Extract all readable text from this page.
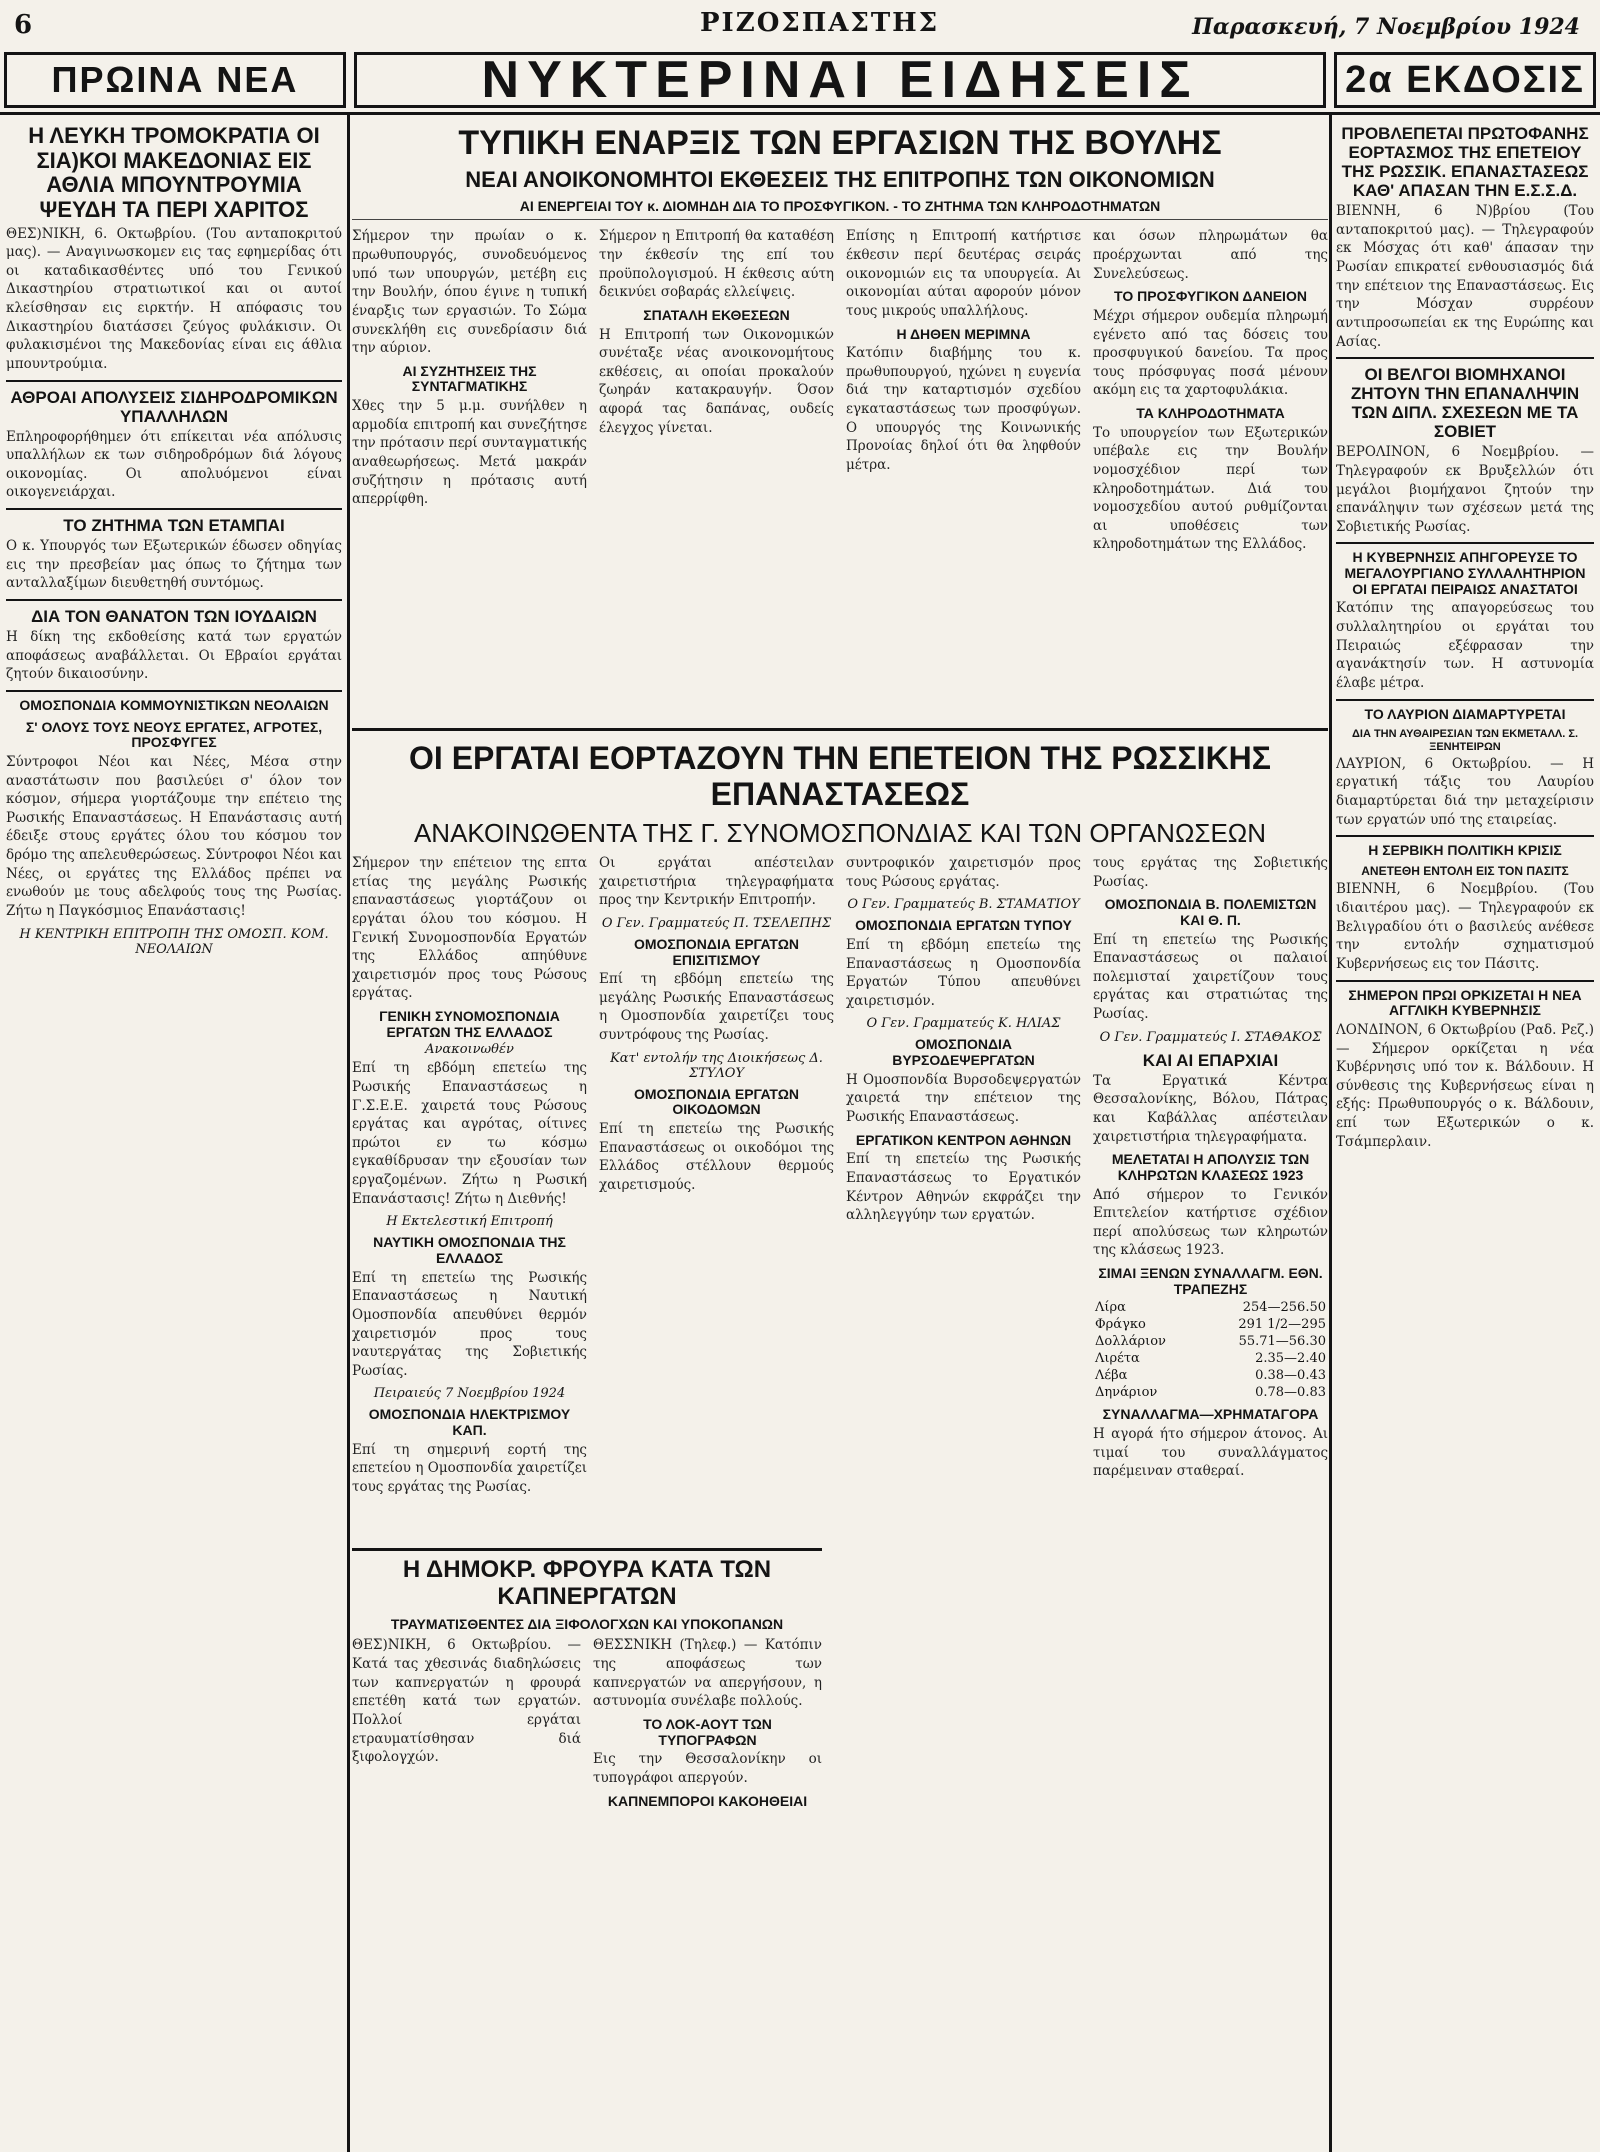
6	ΡΙΖΟΣΠΑΣΤΗΣ	Παρασκευή, 7 Νοεμβρίου 1924
ΠΡΩΙΝΑ ΝΕΑ	ΝΥΚΤΕΡΙΝΑΙ ΕΙΔΗΣΕΙΣ	2α ΕΚΔΟΣΙΣ
Η ΛΕΥΚΗ ΤΡΟΜΟΚΡΑΤΙΑ ΟΙ ΣΙΑ)ΚΟΙ ΜΑΚΕΔΟΝΙΑΣ ΕΙΣ ΑΘΛΙΑ ΜΠΟΥΝΤΡΟΥΜΙΑ ΨΕΥΔΗ ΤΑ ΠΕΡΙ ΧΑΡΙΤΟΣ
ΘΕΣ)ΝΙΚΗ, 6. Οκτωβρίου. (Του ανταποκριτού μας). — Αναγινωσκομεν εις τας εφημερίδας ότι οι καταδικασθέντες υπό του Γενικού Δικαστηρίου στρατιωτικοί και οι αυτοί κλείσθησαν εις ειρκτήν. Η απόφασις του Δικαστηρίου διατάσσει ζεύγος φυλάκισιν. Οι φυλακισμένοι της Μακεδονίας είναι εις άθλια μπουντρούμια.
ΑΘΡΟΑΙ ΑΠΟΛΥΣΕΙΣ ΣΙΔΗΡΟΔΡΟΜΙΚΩΝ ΥΠΑΛΛΗΛΩΝ
Επληροφορήθημεν ότι επίκειται νέα απόλυσις υπαλλήλων εκ των σιδηροδρόμων διά λόγους οικονομίας. Οι απολυόμενοι είναι οικογενειάρχαι.
ΤΟ ΖΗΤΗΜΑ ΤΩΝ ΕΤΑΜΠΑΙ
Ο κ. Υπουργός των Εξωτερικών έδωσεν οδηγίας εις την πρεσβείαν μας όπως το ζήτημα των ανταλλαξίμων διευθετηθή συντόμως.
ΔΙΑ ΤΟΝ ΘΑΝΑΤΟΝ ΤΩΝ ΙΟΥΔΑΙΩΝ
Η δίκη της εκδοθείσης κατά των εργατών αποφάσεως αναβάλλεται. Οι Εβραίοι εργάται ζητούν δικαιοσύνην.
ΟΜΟΣΠΟΝΔΙΑ ΚΟΜΜΟΥΝΙΣΤΙΚΩΝ ΝΕΟΛΑΙΩΝ
Σ' ΟΛΟΥΣ ΤΟΥΣ ΝΕΟΥΣ ΕΡΓΑΤΕΣ, ΑΓΡΟΤΕΣ, ΠΡΟΣΦΥΓΕΣ
Σύντροφοι Νέοι και Νέες, Μέσα στην αναστάτωσιν που βασιλεύει σ' όλον τον κόσμον, σήμερα γιορτάζουμε την επέτειο της Ρωσικής Επαναστάσεως. Η Επανάστασις αυτή έδειξε στους εργάτες όλου του κόσμου τον δρόμο της απελευθερώσεως. Σύντροφοι Νέοι και Νέες, οι εργάτες της Ελλάδος πρέπει να ενωθούν με τους αδελφούς τους της Ρωσίας. Ζήτω η Παγκόσμιος Επανάστασις!
Η ΚΕΝΤΡΙΚΗ ΕΠΙΤΡΟΠΗ ΤΗΣ ΟΜΟΣΠ. ΚΟΜ. ΝΕΟΛΑΙΩΝ
ΤΥΠΙΚΗ ΕΝΑΡΞΙΣ ΤΩΝ ΕΡΓΑΣΙΩΝ ΤΗΣ ΒΟΥΛΗΣ
ΝΕΑΙ ΑΝΟΙΚΟΝΟΜΗΤΟΙ ΕΚΘΕΣΕΙΣ ΤΗΣ ΕΠΙΤΡΟΠΗΣ ΤΩΝ ΟΙΚΟΝΟΜΙΩΝ
ΑΙ ΕΝΕΡΓΕΙΑΙ ΤΟΥ κ. ΔΙΟΜΗΔΗ ΔΙΑ ΤΟ ΠΡΟΣΦΥΓΙΚΟΝ. - ΤΟ ΖΗΤΗΜΑ ΤΩΝ ΚΛΗΡΟΔΟΤΗΜΑΤΩΝ
Σήμερον την πρωίαν ο κ. πρωθυπουργός, συνοδευόμενος υπό των υπουργών, μετέβη εις την Βουλήν, όπου έγινε η τυπική έναρξις των εργασιών. Το Σώμα συνεκλήθη εις συνεδρίασιν διά την αύριον.
ΑΙ ΣΥΖΗΤΗΣΕΙΣ ΤΗΣ ΣΥΝΤΑΓΜΑΤΙΚΗΣ
Χθες την 5 μ.μ. συνήλθεν η αρμοδία επιτροπή και συνεζήτησε την πρότασιν περί συνταγματικής αναθεωρήσεως. Μετά μακράν συζήτησιν η πρότασις αυτή απερρίφθη.
Σήμερον η Επιτροπή θα καταθέση την έκθεσίν της επί του προϋπολογισμού. Η έκθεσις αύτη δεικνύει σοβαράς ελλείψεις.
ΣΠΑΤΑΛΗ ΕΚΘΕΣΕΩΝ
Η Επιτροπή των Οικονομικών συνέταξε νέας ανοικονομήτους εκθέσεις, αι οποίαι προκαλούν ζωηράν κατακραυγήν. Όσον αφορά τας δαπάνας, ουδείς έλεγχος γίνεται.
Επίσης η Επιτροπή κατήρτισε έκθεσιν περί δευτέρας σειράς οικονομιών εις τα υπουργεία. Αι οικονομίαι αύται αφορούν μόνον τους μικρούς υπαλλήλους.
Η ΔΗΘΕΝ ΜΕΡΙΜΝΑ
Κατόπιν διαβήμης του κ. πρωθυπουργού, ηχώνει η ευγενία διά την καταρτισμόν σχεδίου εγκαταστάσεως των προσφύγων. Ο υπουργός της Κοινωνικής Προνοίας δηλοί ότι θα ληφθούν μέτρα.
και όσων πληρωμάτων θα προέρχωνται από της Συνελεύσεως.
ΤΟ ΠΡΟΣΦΥΓΙΚΟΝ ΔΑΝΕΙΟΝ
Μέχρι σήμερον ουδεμία πληρωμή εγένετο από τας δόσεις του προσφυγικού δανείου. Τα προς τους πρόσφυγας ποσά μένουν ακόμη εις τα χαρτοφυλάκια.
ΤΑ ΚΛΗΡΟΔΟΤΗΜΑΤΑ
Το υπουργείον των Εξωτερικών υπέβαλε εις την Βουλήν νομοσχέδιον περί των κληροδοτημάτων. Διά του νομοσχεδίου αυτού ρυθμίζονται αι υποθέσεις των κληροδοτημάτων της Ελλάδος.
ΟΙ ΕΡΓΑΤΑΙ ΕΟΡΤΑΖΟΥΝ ΤΗΝ ΕΠΕΤΕΙΟΝ ΤΗΣ ΡΩΣΣΙΚΗΣ ΕΠΑΝΑΣΤΑΣΕΩΣ
ΑΝΑΚΟΙΝΩΘΕΝΤΑ ΤΗΣ Γ. ΣΥΝΟΜΟΣΠΟΝΔΙΑΣ ΚΑΙ ΤΩΝ ΟΡΓΑΝΩΣΕΩΝ
Σήμερον την επέτειον της επτα ετίας της μεγάλης Ρωσικής επαναστάσεως γιορτάζουν οι εργάται όλου του κόσμου. Η Γενική Συνομοσπονδία Εργατών της Ελλάδος απηύθυνε χαιρετισμόν προς τους Ρώσους εργάτας.
ΓΕΝΙΚΗ ΣΥΝΟΜΟΣΠΟΝΔΙΑ ΕΡΓΑΤΩΝ ΤΗΣ ΕΛΛΑΔΟΣ
Ανακοινωθέν
Επί τη εβδόμη επετείω της Ρωσικής Επαναστάσεως η Γ.Σ.Ε.Ε. χαιρετά τους Ρώσους εργάτας και αγρότας, οίτινες πρώτοι εν τω κόσμω εγκαθίδρυσαν την εξουσίαν των εργαζομένων. Ζήτω η Ρωσική Επανάστασις! Ζήτω η Διεθνής!
Η Εκτελεστική Επιτροπή
ΝΑΥΤΙΚΗ ΟΜΟΣΠΟΝΔΙΑ ΤΗΣ ΕΛΛΑΔΟΣ
Επί τη επετείω της Ρωσικής Επαναστάσεως η Ναυτική Ομοσπονδία απευθύνει θερμόν χαιρετισμόν προς τους ναυτεργάτας της Σοβιετικής Ρωσίας.
Πειραιεύς 7 Νοεμβρίου 1924
ΟΜΟΣΠΟΝΔΙΑ ΗΛΕΚΤΡΙΣΜΟΥ ΚΑΠ.
Επί τη σημερινή εορτή της επετείου η Ομοσπονδία χαιρετίζει τους εργάτας της Ρωσίας.
Οι εργάται απέστειλαν χαιρετιστήρια τηλεγραφήματα προς την Κεντρικήν Επιτροπήν.
Ο Γεν. Γραμματεύς Π. ΤΣΕΛΕΠΗΣ
ΟΜΟΣΠΟΝΔΙΑ ΕΡΓΑΤΩΝ ΕΠΙΣΙΤΙΣΜΟΥ
Επί τη εβδόμη επετείω της μεγάλης Ρωσικής Επαναστάσεως η Ομοσπονδία χαιρετίζει τους συντρόφους της Ρωσίας.
Κατ' εντολήν της Διοικήσεως Δ. ΣΤΥΛΟΥ
ΟΜΟΣΠΟΝΔΙΑ ΕΡΓΑΤΩΝ ΟΙΚΟΔΟΜΩΝ
Επί τη επετείω της Ρωσικής Επαναστάσεως οι οικοδόμοι της Ελλάδος στέλλουν θερμούς χαιρετισμούς.
συντροφικόν χαιρετισμόν προς τους Ρώσους εργάτας.
Ο Γεν. Γραμματεύς Β. ΣΤΑΜΑΤΙΟΥ
ΟΜΟΣΠΟΝΔΙΑ ΕΡΓΑΤΩΝ ΤΥΠΟΥ
Επί τη εβδόμη επετείω της Επαναστάσεως η Ομοσπονδία Εργατών Τύπου απευθύνει χαιρετισμόν.
Ο Γεν. Γραμματεύς Κ. ΗΛΙΑΣ
ΟΜΟΣΠΟΝΔΙΑ ΒΥΡΣΟΔΕΨΕΡΓΑΤΩΝ
Η Ομοσπονδία Βυρσοδεψεργατών χαιρετά την επέτειον της Ρωσικής Επαναστάσεως.
ΕΡΓΑΤΙΚΟΝ ΚΕΝΤΡΟΝ ΑΘΗΝΩΝ
Επί τη επετείω της Ρωσικής Επαναστάσεως το Εργατικόν Κέντρον Αθηνών εκφράζει την αλληλεγγύην των εργατών.
τους εργάτας της Σοβιετικής Ρωσίας.
ΟΜΟΣΠΟΝΔΙΑ Β. ΠΟΛΕΜΙΣΤΩΝ ΚΑΙ Θ. Π.
Επί τη επετείω της Ρωσικής Επαναστάσεως οι παλαιοί πολεμισταί χαιρετίζουν τους εργάτας και στρατιώτας της Ρωσίας.
Ο Γεν. Γραμματεύς Ι. ΣΤΑΘΑΚΟΣ
ΚΑΙ ΑΙ ΕΠΑΡΧΙΑΙ
Τα Εργατικά Κέντρα Θεσσαλονίκης, Βόλου, Πάτρας και Καβάλλας απέστειλαν χαιρετιστήρια τηλεγραφήματα.
ΜΕΛΕΤΑΤΑΙ Η ΑΠΟΛΥΣΙΣ ΤΩΝ ΚΛΗΡΩΤΩΝ ΚΛΑΣΕΩΣ 1923
Από σήμερον το Γενικόν Επιτελείον κατήρτισε σχέδιον περί απολύσεως των κληρωτών της κλάσεως 1923.
ΣΙΜΑΙ ΞΕΝΩΝ ΣΥΝΑΛΛΑΓΜ. ΕΘΝ. ΤΡΑΠΕΖΗΣ
Λίρα	254—256.50
Φράγκο	291 1/2—295
Δολλάριον	55.71—56.30
Λιρέτα	2.35—2.40
Λέβα	0.38—0.43
Δηνάριον	0.78—0.83
ΣΥΝΑΛΛΑΓΜΑ—ΧΡΗΜΑΤΑΓΟΡΑ
Η αγορά ήτο σήμερον άτονος. Αι τιμαί του συναλλάγματος παρέμειναν σταθεραί.
Η ΔΗΜΟΚΡ. ΦΡΟΥΡΑ ΚΑΤΑ ΤΩΝ ΚΑΠΝΕΡΓΑΤΩΝ
ΤΡΑΥΜΑΤΙΣΘΕΝΤΕΣ ΔΙΑ ΞΙΦΟΛΟΓΧΩΝ ΚΑΙ ΥΠΟΚΟΠΑΝΩΝ
ΘΕΣ)ΝΙΚΗ, 6 Οκτωβρίου. — Κατά τας χθεσινάς διαδηλώσεις των καπνεργατών η φρουρά επετέθη κατά των εργατών. Πολλοί εργάται ετραυματίσθησαν διά ξιφολογχών.
ΘΕΣΣΝΙΚΗ (Τηλεφ.) — Κατόπιν της αποφάσεως των καπνεργατών να απεργήσουν, η αστυνομία συνέλαβε πολλούς.
ΤΟ ΛΟΚ-ΑΟΥΤ ΤΩΝ ΤΥΠΟΓΡΑΦΩΝ
Εις την Θεσσαλονίκην οι τυπογράφοι απεργούν.
ΚΑΠΝΕΜΠΟΡΟΙ ΚΑΚΟΗΘΕΙΑΙ
ΠΡΟΒΛΕΠΕΤΑΙ ΠΡΩΤΟΦΑΝΗΣ ΕΟΡΤΑΣΜΟΣ ΤΗΣ ΕΠΕΤΕΙΟΥ ΤΗΣ ΡΩΣΣΙΚ. ΕΠΑΝΑΣΤΑΣΕΩΣ ΚΑΘ' ΑΠΑΣΑΝ ΤΗΝ Ε.Σ.Σ.Δ.
ΒΙΕΝΝΗ, 6 Ν)βρίου (Του ανταποκριτού μας). — Τηλεγραφούν εκ Μόσχας ότι καθ' άπασαν την Ρωσίαν επικρατεί ενθουσιασμός διά την επέτειον της Επαναστάσεως. Εις την Μόσχαν συρρέουν αντιπροσωπείαι εκ της Ευρώπης και Ασίας.
ΟΙ ΒΕΛΓΟΙ ΒΙΟΜΗΧΑΝΟΙ ΖΗΤΟΥΝ ΤΗΝ ΕΠΑΝΑΛΗΨΙΝ ΤΩΝ ΔΙΠΛ. ΣΧΕΣΕΩΝ ΜΕ ΤΑ ΣΟΒΙΕΤ
ΒΕΡΟΛΙΝΟΝ, 6 Νοεμβρίου. — Τηλεγραφούν εκ Βρυξελλών ότι μεγάλοι βιομήχανοι ζητούν την επανάληψιν των σχέσεων μετά της Σοβιετικής Ρωσίας.
Η ΚΥΒΕΡΝΗΣΙΣ ΑΠΗΓΟΡΕΥΣΕ ΤΟ ΜΕΓΑΛΟΥΡΓΙΑΝΟ ΣΥΛΛΑΛΗΤΗΡΙΟΝ ΟΙ ΕΡΓΑΤΑΙ ΠΕΙΡΑΙΩΣ ΑΝΑΣΤΑΤΟΙ
Κατόπιν της απαγορεύσεως του συλλαλητηρίου οι εργάται του Πειραιώς εξέφρασαν την αγανάκτησίν των. Η αστυνομία έλαβε μέτρα.
ΤΟ ΛΑΥΡΙΟΝ ΔΙΑΜΑΡΤΥΡΕΤΑΙ
ΔΙΑ ΤΗΝ ΑΥΘΑΙΡΕΣΙΑΝ ΤΩΝ ΕΚΜΕΤΑΛΛ. Σ. ΞΕΝΗΤΕΙΡΩΝ
ΛΑΥΡΙΟΝ, 6 Οκτωβρίου. — Η εργατική τάξις του Λαυρίου διαμαρτύρεται διά την μεταχείρισιν των εργατών υπό της εταιρείας.
Η ΣΕΡΒΙΚΗ ΠΟΛΙΤΙΚΗ ΚΡΙΣΙΣ
ΑΝΕΤΕΘΗ ΕΝΤΟΛΗ ΕΙΣ ΤΟΝ ΠΑΣΙΤΣ
ΒΙΕΝΝΗ, 6 Νοεμβρίου. (Του ιδιαιτέρου μας). — Τηλεγραφούν εκ Βελιγραδίου ότι ο βασιλεύς ανέθεσε την εντολήν σχηματισμού Κυβερνήσεως εις τον Πάσιτς.
ΣΗΜΕΡΟΝ ΠΡΩΙ ΟΡΚΙΖΕΤΑΙ Η ΝΕΑ ΑΓΓΛΙΚΗ ΚΥΒΕΡΝΗΣΙΣ
ΛΟΝΔΙΝΟΝ, 6 Οκτωβρίου (Ραδ. Ρεζ.) — Σήμερον ορκίζεται η νέα Κυβέρνησις υπό τον κ. Βάλδουιν. Η σύνθεσις της Κυβερνήσεως είναι η εξής: Πρωθυπουργός ο κ. Βάλδουιν, επί των Εξωτερικών ο κ. Τσάμπερλαιν.
